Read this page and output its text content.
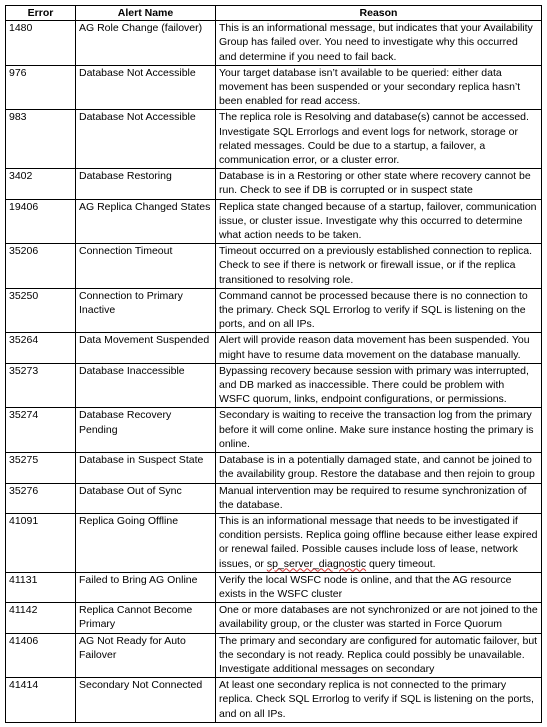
Error	Alert Name	Reason
1480	AG Role Change (failover)	This is an informational message, but indicates that your Availability Group has failed over. You need to investigate why this occurred and determine if you need to fail back.
976	Database Not Accessible	Your target database isn’t available to be queried: either data movement has been suspended or your secondary replica hasn’t been enabled for read access.
983	Database Not Accessible	The replica role is Resolving and database(s) cannot be accessed. Investigate SQL Errorlogs and event logs for network, storage or related messages. Could be due to a startup, a failover, a communication error, or a cluster error.
3402	Database Restoring	Database is in a Restoring or other state where recovery cannot be run. Check to see if DB is corrupted or in suspect state
19406	AG Replica Changed States	Replica state changed because of a startup, failover, communication issue, or cluster issue. Investigate why this occurred to determine what action needs to be taken.
35206	Connection Timeout	Timeout occurred on a previously established connection to replica. Check to see if there is network or firewall issue, or if the replica transitioned to resolving role.
35250	Connection to Primary Inactive	Command cannot be processed because there is no connection to the primary. Check SQL Errorlog to verify if SQL is listening on the ports, and on all IPs.
35264	Data Movement Suspended	Alert will provide reason data movement has been suspended. You might have to resume data movement on the database manually.
35273	Database Inaccessible	Bypassing recovery because session with primary was interrupted, and DB marked as inaccessible. There could be problem with WSFC quorum, links, endpoint configurations, or permissions.
35274	Database Recovery Pending	Secondary is waiting to receive the transaction log from the primary before it will come online. Make sure instance hosting the primary is online.
35275	Database in Suspect State	Database is in a potentially damaged state, and cannot be joined to the availability group. Restore the database and then rejoin to group
35276	Database Out of Sync	Manual intervention may be required to resume synchronization of the database.
41091	Replica Going Offline	This is an informational message that needs to be investigated if condition persists. Replica going offline because either lease expired or renewal failed. Possible causes include loss of lease, network issues, or sp_server_diagnostic query timeout.
41131	Failed to Bring AG Online	Verify the local WSFC node is online, and that the AG resource exists in the WSFC cluster
41142	Replica Cannot Become Primary	One or more databases are not synchronized or are not joined to the availability group, or the cluster was started in Force Quorum
41406	AG Not Ready for Auto Failover	The primary and secondary are configured for automatic failover, but the secondary is not ready. Replica could possibly be unavailable. Investigate additional messages on secondary
41414	Secondary Not Connected	At least one secondary replica is not connected to the primary replica. Check SQL Errorlog to verify if SQL is listening on the ports, and on all IPs.
